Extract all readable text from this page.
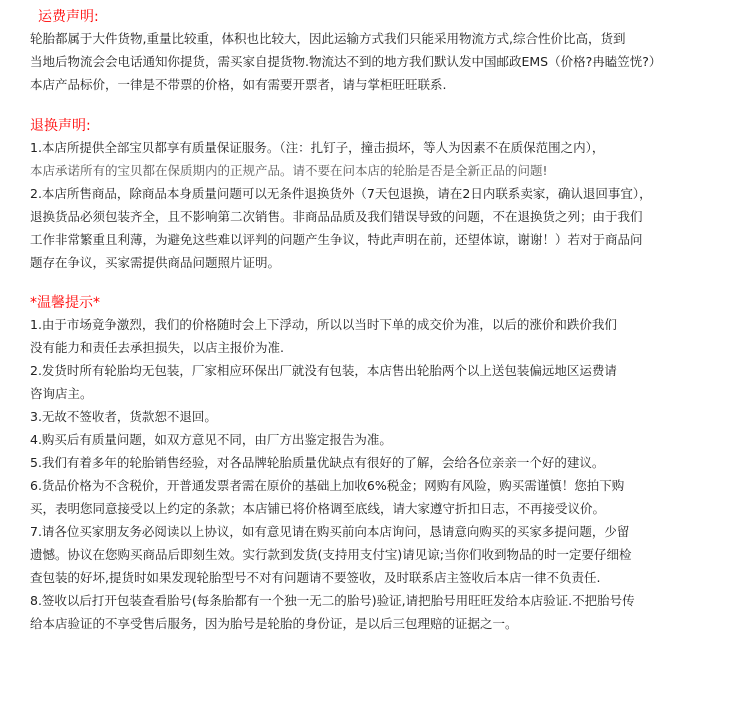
运费声明:
轮胎都属于大件货物,重量比较重，体积也比较大，因此运输方式我们只能采用物流方式,综合性价比高，货到
当地后物流会会电话通知你提货，需买家自提货物.物流达不到的地方我们默认发中国邮政EMS（价格?冉瞌笠恍?）
本店产品标价，一律是不带票的价格，如有需要开票者，请与掌柜旺旺联系.
退换声明:
1.本店所提供全部宝贝都享有质量保证服务。（注：扎钉子，撞击损坏，等人为因素不在质保范围之内），
本店承诺所有的宝贝都在保质期内的正规产品。请不要在问本店的轮胎是否是全新正品的问题!
2.本店所售商品，除商品本身质量问题可以无条件退换货外（7天包退换，请在2日内联系卖家，确认退回事宜），
退换货品必须包装齐全，且不影响第二次销售。非商品品质及我们错误导致的问题，不在退换货之列；由于我们
工作非常繁重且利薄，为避免这些难以评判的问题产生争议，特此声明在前，还望体谅，谢谢！）若对于商品问
题存在争议，买家需提供商品问题照片证明。
*温馨提示*
1.由于市场竟争激烈，我们的价格随时会上下浮动，所以以当时下单的成交价为准，以后的涨价和跌价我们
没有能力和责任去承担损失，以店主报价为准.
2.发货时所有轮胎均无包装，厂家相应环保出厂就没有包装，本店售出轮胎两个以上送包装偏远地区运费请
咨询店主。
3.无故不签收者，货款恕不退回。
4.购买后有质量问题，如双方意见不同，由厂方出鉴定报告为准。
5.我们有着多年的轮胎销售经验，对各品牌轮胎质量优缺点有很好的了解，会给各位亲亲一个好的建议。
6.货品价格为不含税价，开普通发票者需在原价的基础上加收6%税金；网购有风险，购买需谨慎！您拍下购
买，表明您同意接受以上约定的条款；本店铺已将价格调至底线，请大家遵守折扣日志，不再接受议价。
7.请各位买家朋友务必阅读以上协议，如有意见请在购买前向本店询问，恳请意向购买的买家多提问题，少留
遗憾。协议在您购买商品后即刻生效。实行款到发货(支持用支付宝)请见谅;当你们收到物品的时一定要仔细检
查包装的好坏,提货时如果发现轮胎型号不对有问题请不要签收，及时联系店主签收后本店一律不负责任.
8.签收以后打开包装查看胎号(每条胎都有一个独一无二的胎号)验证,请把胎号用旺旺发给本店验证.不把胎号传
给本店验证的不享受售后服务，因为胎号是轮胎的身份证，是以后三包理赔的证据之一。
